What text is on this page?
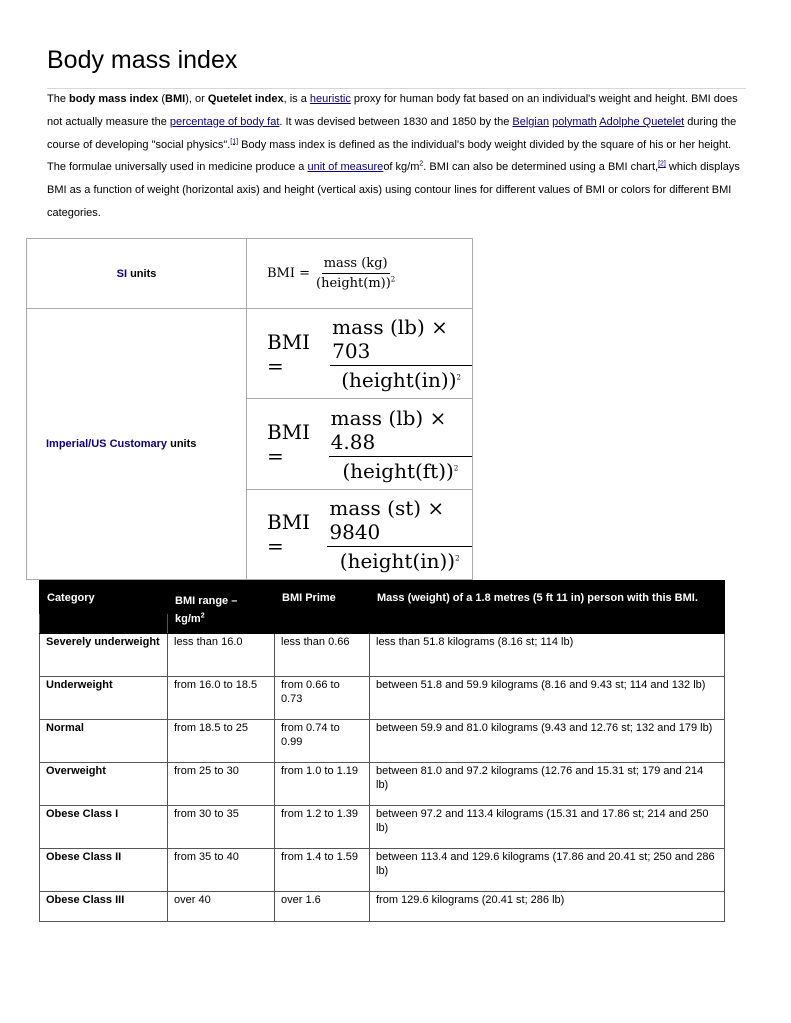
Body mass index

The body mass index (BMI), or Quetelet index, is a heuristic proxy for human body fat based on an individual's weight and height. BMI does not actually measure the percentage of body fat. It was devised between 1830 and 1850 by the Belgian polymath Adolphe Quetelet during the course of developing "social physics".[1] Body mass index is defined as the individual's body weight divided by the square of his or her height. The formulae universally used in medicine produce a unit of measureof $kg/m^2$. BMI can also be determined using a BMI chart,[2] which displays BMI as a function of weight (horizontal axis) and height (vertical axis) using contour lines for different values of BMI or colors for different BMI categories.

SI units	BMI = $\frac{\text{mass (kg)}}{(height(m))^2}$

Imperial/US Customary units	BMI = $\frac{\text{mass (lb) × 703}}{(height(in))^2}$

	BMI = $\frac{\text{mass (lb) × 4.88}}{(height(ft))^2}$

	BMI = $\frac{\text{mass (st) × 9840}}{(height(in))^2}$
Category	BMI range – $kg/m^2$	BMI Prime	Mass (weight) of a 1.8 metres (5 ft 11 in) person with this BMI.

Severely underweight	less than 16.0	less than 0.66	less than 51.8 kilograms (8.16 st; 114 lb)
Underweight	from 16.0 to 18.5	from 0.66 to 0.73	between 51.8 and 59.9 kilograms (8.16 and 9.43 st; 114 and 132 lb)
Normal	from 18.5 to 25	from 0.74 to 0.99	between 59.9 and 81.0 kilograms (9.43 and 12.76 st; 132 and 179 lb)
Overweight	from 25 to 30	from 1.0 to 1.19	between 81.0 and 97.2 kilograms (12.76 and 15.31 st; 179 and 214 lb)
Obese Class I	from 30 to 35	from 1.2 to 1.39	between 97.2 and 113.4 kilograms (15.31 and 17.86 st; 214 and 250 lb)
Obese Class II	from 35 to 40	from 1.4 to 1.59	between 113.4 and 129.6 kilograms (17.86 and 20.41 st; 250 and 286 lb)
Obese Class III	over 40	over 1.6	from 129.6 kilograms (20.41 st; 286 lb)
